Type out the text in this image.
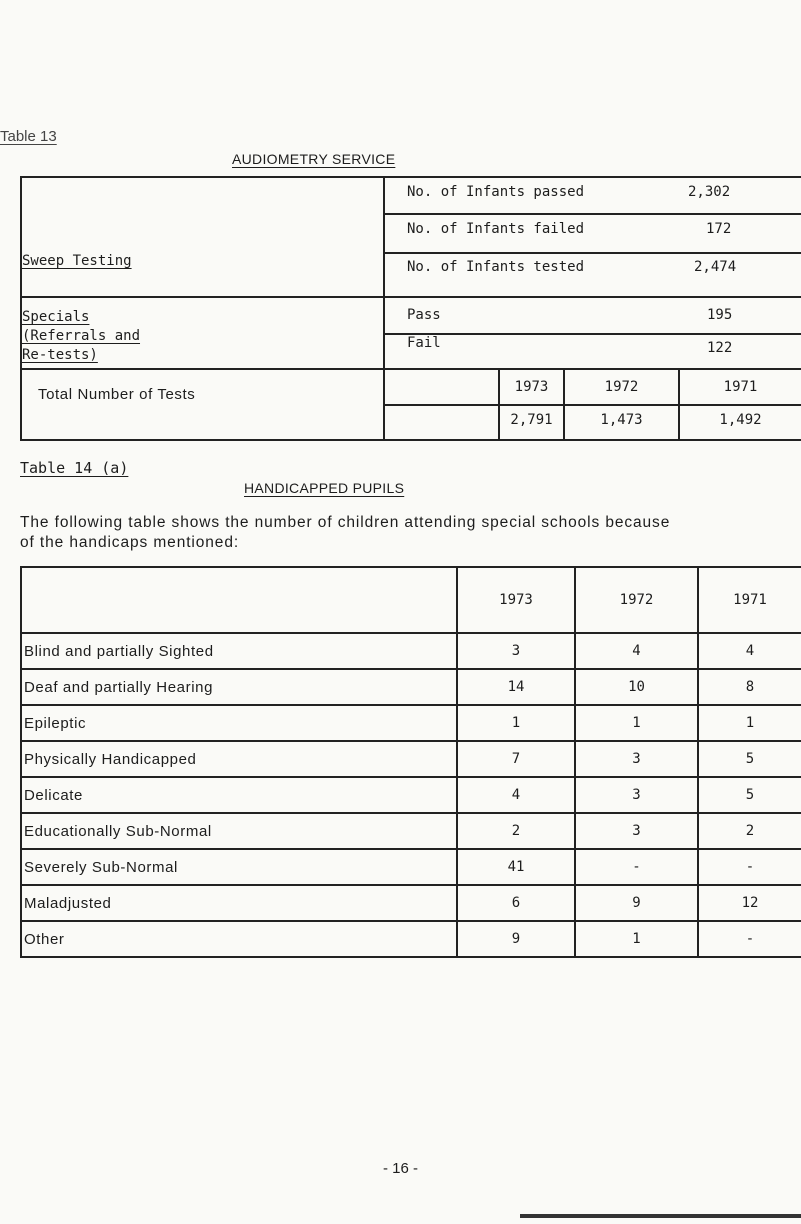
Table 13
AUDIOMETRY SERVICE
Sweep Testing
No. of Infants passed	2,302
No. of Infants failed	172
No. of Infants tested	2,474
Specials
(Referrals and
Re-tests)
Pass	195
Fail	122
Total Number of Tests	1973	1972	1971
2,791	1,473	1,492
Table 14 (a)
HANDICAPPED PUPILS
The following table shows the number of children attending special schools because
of the handicaps mentioned:
	1973	1972	1971
Blind and partially Sighted	3	4	4
Deaf and partially Hearing	14	10	8
Epileptic	1	1	1
Physically Handicapped	7	3	5
Delicate	4	3	5
Educationally Sub-Normal	2	3	2
Severely Sub-Normal	41	-	-
Maladjusted	6	9	12
Other	9	1	-
- 16 -
